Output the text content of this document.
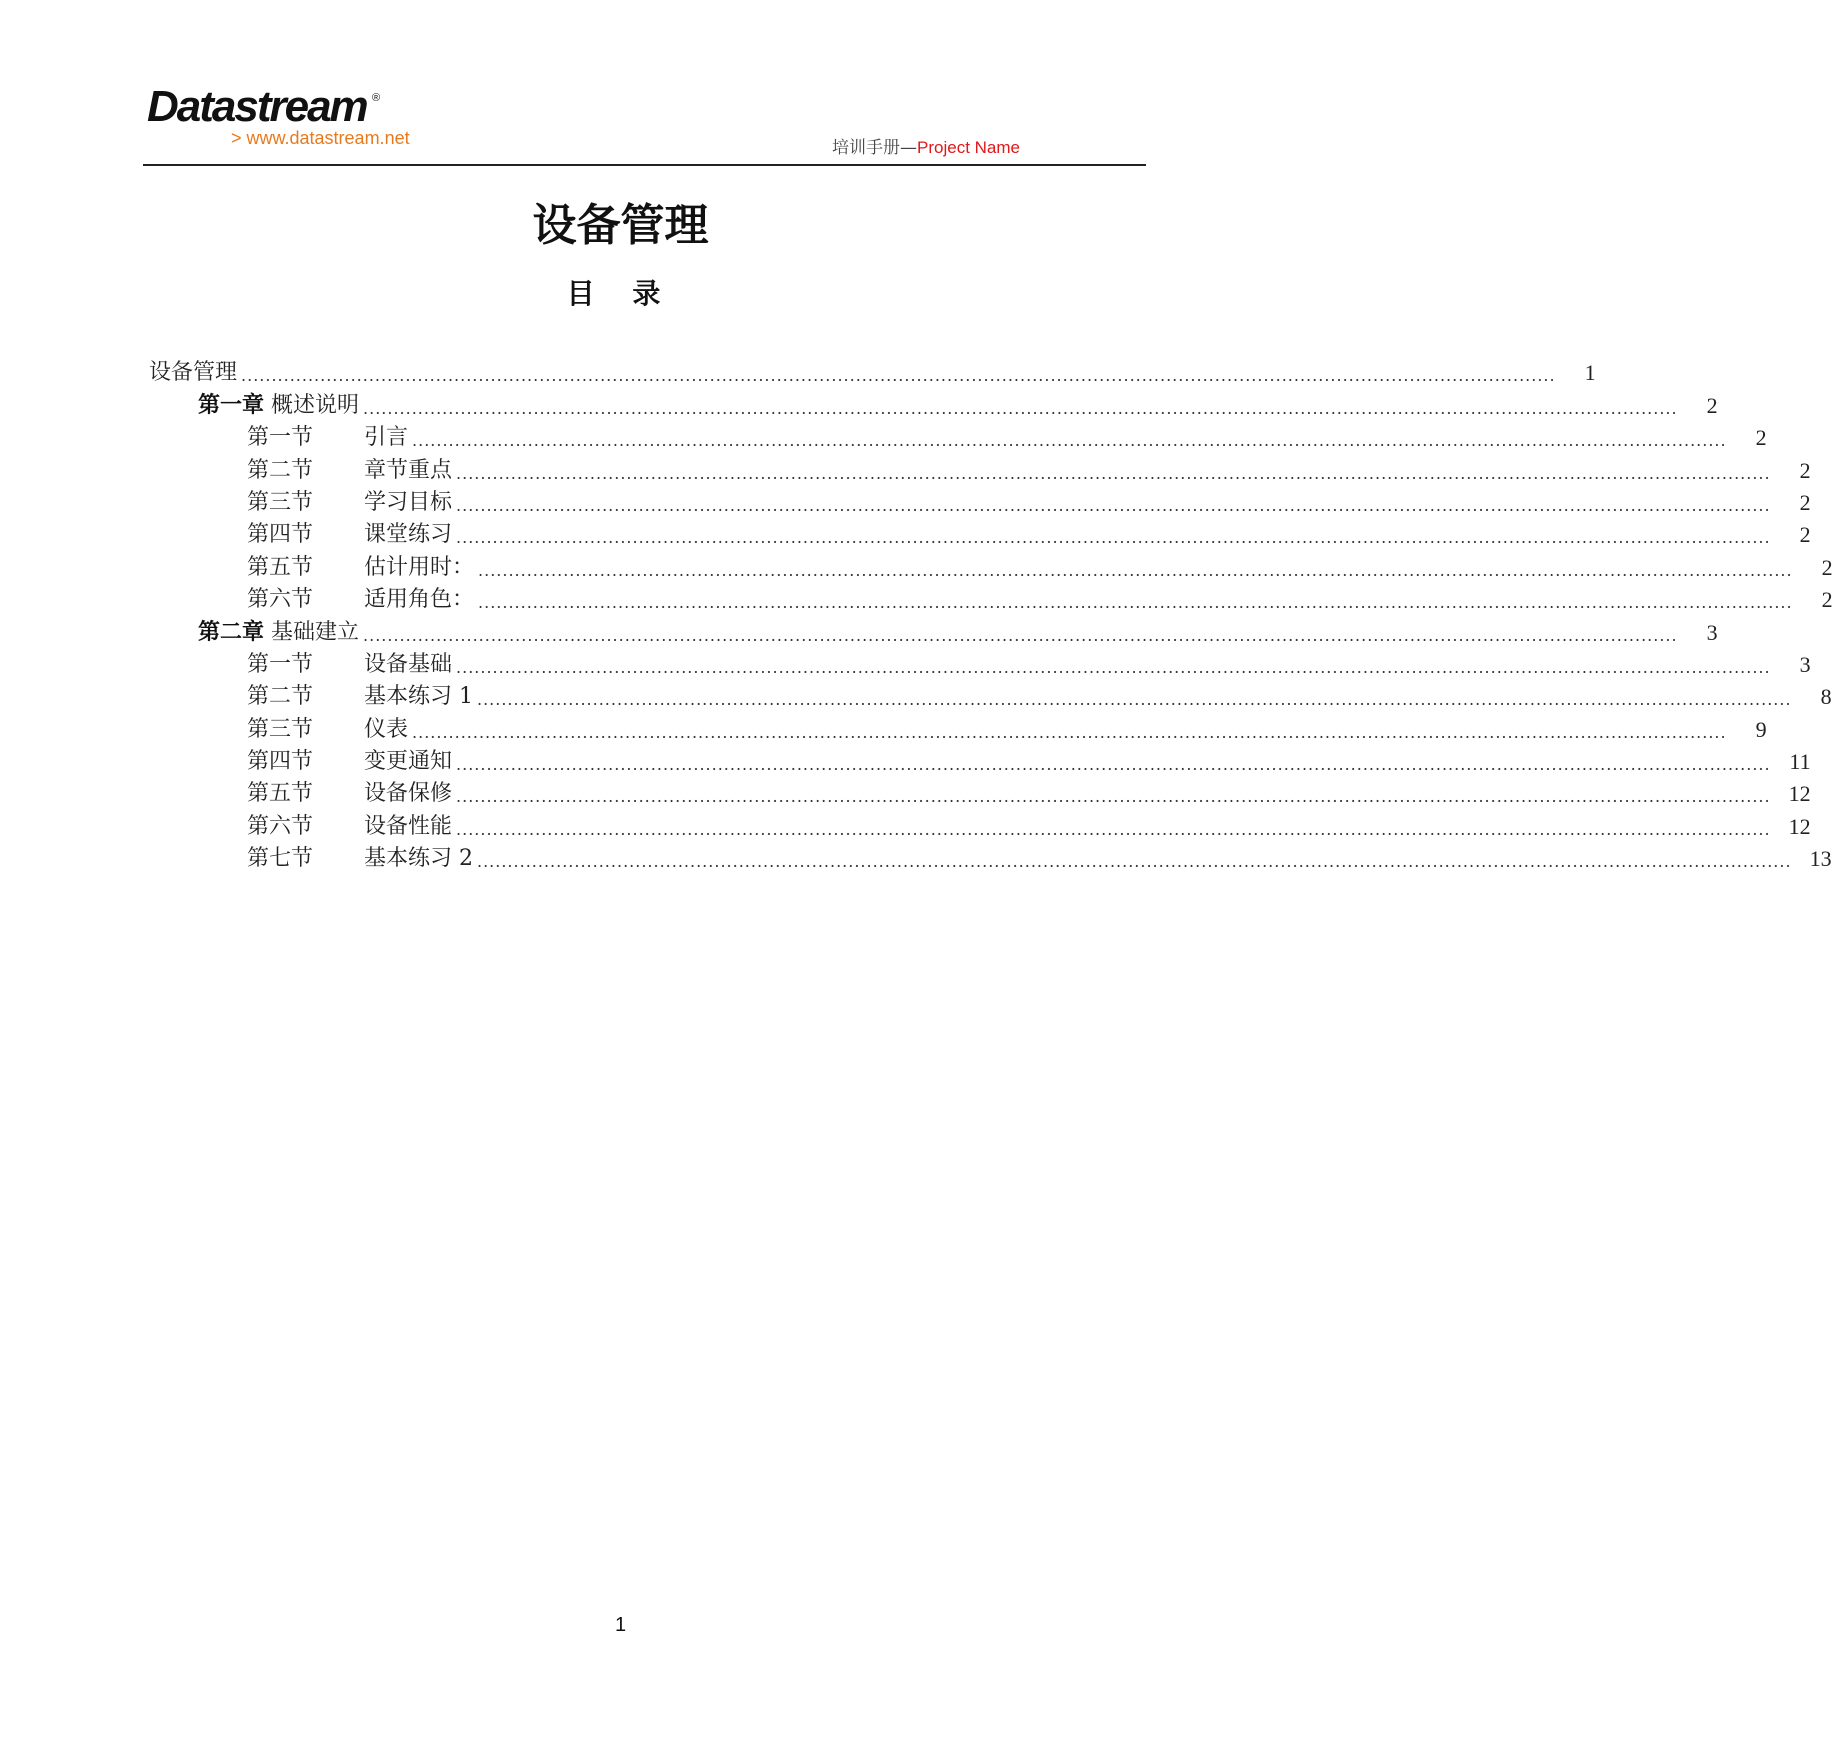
Datastream ®
> www.datastream.net	培训手册—Project Name
设备管理
目 录
设备管理 ........................................................................................................................................................................................................................	1
第一章 概述说明 ........................................................................................................................................................................................................................	2
第一节	引言 ........................................................................................................................................................................................................................	2
第二节	章节重点 ........................................................................................................................................................................................................................	2
第三节	学习目标 ........................................................................................................................................................................................................................	2
第四节	课堂练习 ........................................................................................................................................................................................................................	2
第五节	估计用时： ........................................................................................................................................................................................................................	2
第六节	适用角色： ........................................................................................................................................................................................................................	2
第二章 基础建立 ........................................................................................................................................................................................................................	3
第一节	设备基础 ........................................................................................................................................................................................................................	3
第二节	基本练习 1 ........................................................................................................................................................................................................................	8
第三节	仪表 ........................................................................................................................................................................................................................	9
第四节	变更通知 ........................................................................................................................................................................................................................ 11
第五节	设备保修 ........................................................................................................................................................................................................................ 12
第六节	设备性能 ........................................................................................................................................................................................................................ 12
第七节	基本练习 2 ........................................................................................................................................................................................................................ 13
1
